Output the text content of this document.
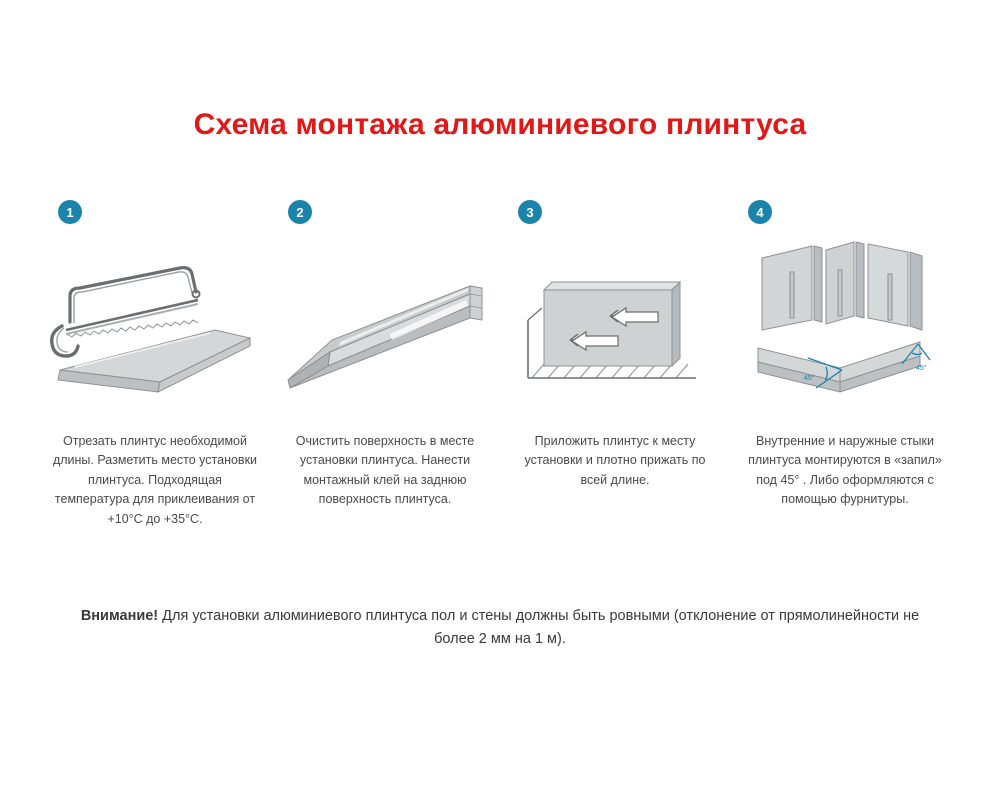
Схема монтажа алюминиевого плинтуса
1
Отрезать плинтус необходимой длины. Разметить место установки плинтуса. Подходящая температура для приклеивания от +10°С до +35°С.
2
Очистить поверхность в месте установки плинтуса. Нанести монтажный клей на заднюю поверхность плинтуса.
3
Приложить плинтус к месту установки и плотно прижать по всей длине.
4
45°
45°
Внутренние и наружные стыки плинтуса монтируются в «запил» под 45° . Либо оформляются с помощью фурнитуры.
Внимание! Для установки алюминиевого плинтуса пол и стены должны быть ровными (отклонение от прямолинейности не более 2 мм на 1 м).
